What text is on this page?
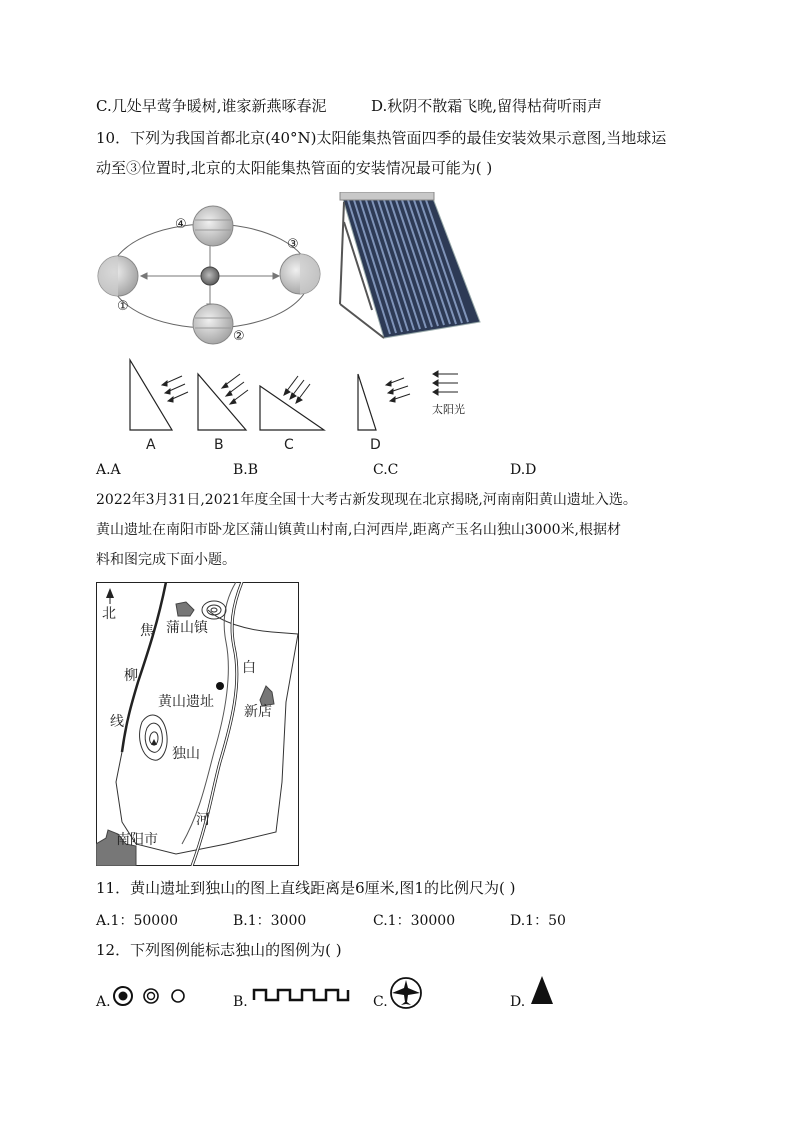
C.几处早莺争暖树,谁家新燕啄春泥	D.秋阴不散霜飞晚,留得枯荷听雨声
10．下列为我国首都北京(40°N)太阳能集热管面四季的最佳安装效果示意图,当地球运
动至③位置时,北京的太阳能集热管面的安装情况最可能为( )
①
②
③
④
太阳光
A	B	C	D
A.A	B.B	C.C	D.D
2022年3月31日,2021年度全国十大考古新发现现在北京揭晓,河南南阳黄山遗址入选。
黄山遗址在南阳市卧龙区蒲山镇黄山村南,白河西岸,距离产玉名山独山3000米,根据材
料和图完成下面小题。
北
焦 蒲山镇
柳	白
黄山遗址
新店
线
独山
河
南阳市
11．黄山遗址到独山的图上直线距离是6厘米,图1的比例尺为( )
A.1：50000	B.1：3000	C.1：30000	D.1：50
12．下列图例能标志独山的图例为( )
A.	B.	C.	D.
